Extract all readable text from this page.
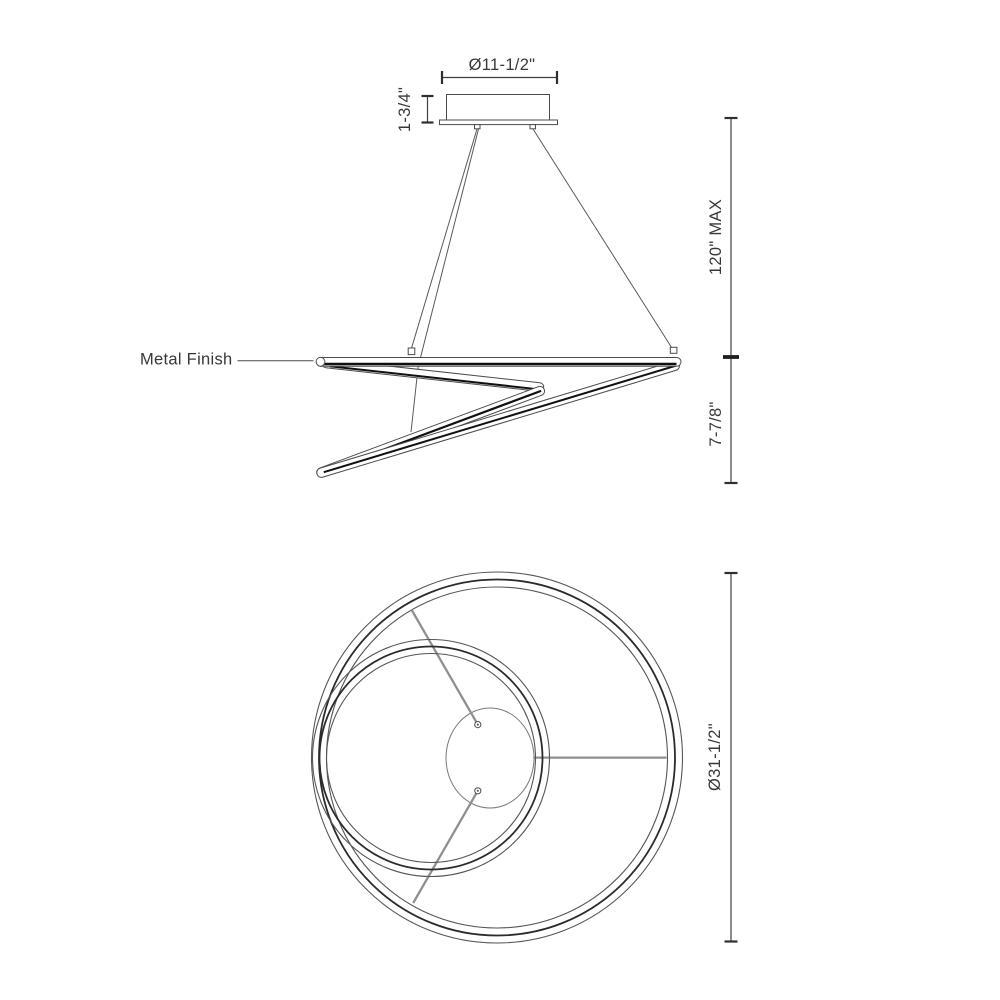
Ø11-1/2"
1-3/4"
Metal Finish
120" MAX
7-7/8"
Ø31-1/2"
